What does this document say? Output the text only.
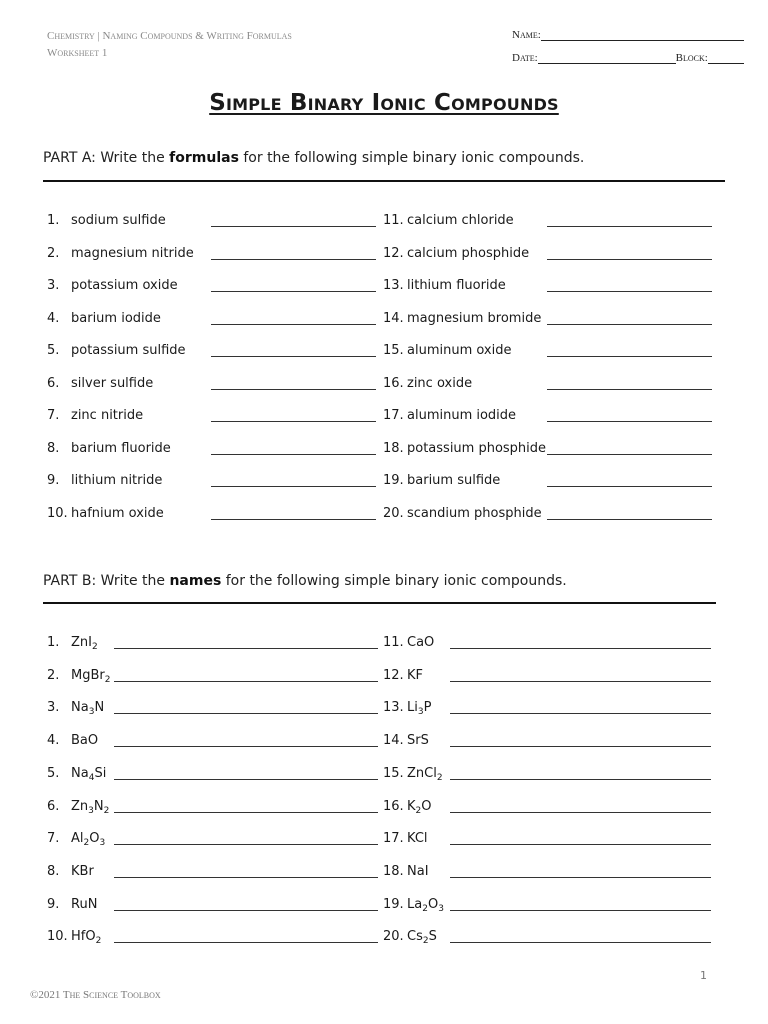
Chemistry | Naming Compounds & Writing Formulas
Worksheet 1
Name:
Date:	Block:
Simple Binary Ionic Compounds
PART A: Write the formulas for the following simple binary ionic compounds.
1. sodium sulfide
2. magnesium nitride
3. potassium oxide
4. barium iodide
5. potassium sulfide
6. silver sulfide
7. zinc nitride
8. barium fluoride
9. lithium nitride
10. hafnium oxide
11. calcium chloride
12. calcium phosphide
13. lithium fluoride
14. magnesium bromide
15. aluminum oxide
16. zinc oxide
17. aluminum iodide
18. potassium phosphide
19. barium sulfide
20. scandium phosphide
PART B: Write the names for the following simple binary ionic compounds.
1. ZnI$_2$
2. MgBr$_2$
3. $Na_3N$
4. BaO
5. $Na_4Si$
6. $Zn_3N_2$
7. $Al_2O_3$
8. KBr
9. RuN
10. HfO$_2$
11. CaO
12. KF
13. $Li_3P$
14. SrS
15. ZnCl$_2$
16. $K_2O$
17. KCl
18. NaI
19. $La_2O_3$
20. $Cs_2S$
1
©2021 The Science Toolbox
